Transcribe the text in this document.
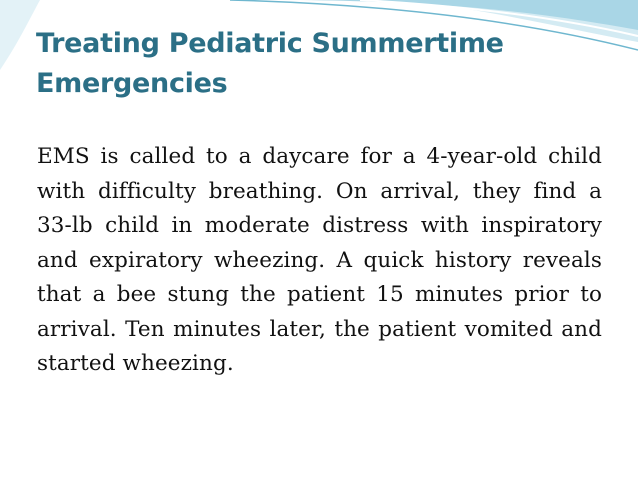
Treating Pediatric Summertime Emergencies

EMS is called to a daycare for a 4-year-old child with difficulty breathing. On arrival, they find a 33-lb child in moderate distress with inspiratory and expiratory wheezing. A quick history reveals that a bee stung the patient 15 minutes prior to arrival. Ten minutes later, the patient vomited and started wheezing.
